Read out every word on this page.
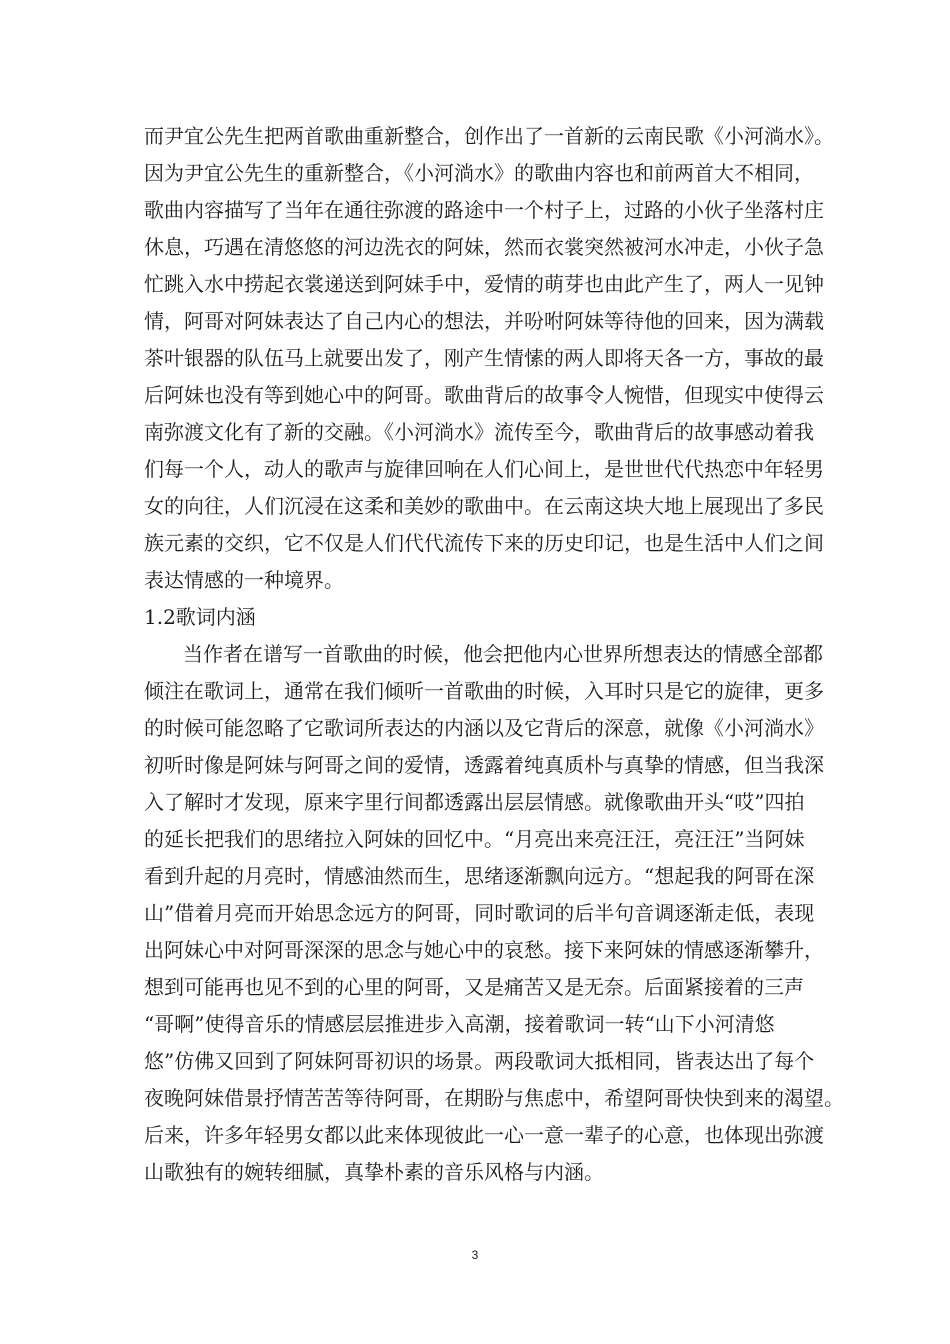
而尹宜公先生把两首歌曲重新整合，创作出了一首新的云南民歌《小河淌水》。
因为尹宜公先生的重新整合，《小河淌水》的歌曲内容也和前两首大不相同，
歌曲内容描写了当年在通往弥渡的路途中一个村子上，过路的小伙子坐落村庄
休息，巧遇在清悠悠的河边洗衣的阿妹，然而衣裳突然被河水冲走，小伙子急
忙跳入水中捞起衣裳递送到阿妹手中，爱情的萌芽也由此产生了，两人一见钟
情，阿哥对阿妹表达了自己内心的想法，并吩咐阿妹等待他的回来，因为满载
茶叶银器的队伍马上就要出发了，刚产生情愫的两人即将天各一方，事故的最
后阿妹也没有等到她心中的阿哥。歌曲背后的故事令人惋惜，但现实中使得云
南弥渡文化有了新的交融。《小河淌水》流传至今，歌曲背后的故事感动着我
们每一个人，动人的歌声与旋律回响在人们心间上，是世世代代热恋中年轻男
女的向往，人们沉浸在这柔和美妙的歌曲中。在云南这块大地上展现出了多民
族元素的交织，它不仅是人们代代流传下来的历史印记，也是生活中人们之间
表达情感的一种境界。
1.2歌词内涵
当作者在谱写一首歌曲的时候，他会把他内心世界所想表达的情感全部都
倾注在歌词上，通常在我们倾听一首歌曲的时候，入耳时只是它的旋律，更多
的时候可能忽略了它歌词所表达的内涵以及它背后的深意，就像《小河淌水》
初听时像是阿妹与阿哥之间的爱情，透露着纯真质朴与真挚的情感，但当我深
入了解时才发现，原来字里行间都透露出层层情感。就像歌曲开头“哎”四拍
的延长把我们的思绪拉入阿妹的回忆中。“月亮出来亮汪汪，亮汪汪”当阿妹
看到升起的月亮时，情感油然而生，思绪逐渐飘向远方。“想起我的阿哥在深
山”借着月亮而开始思念远方的阿哥，同时歌词的后半句音调逐渐走低，表现
出阿妹心中对阿哥深深的思念与她心中的哀愁。接下来阿妹的情感逐渐攀升，
想到可能再也见不到的心里的阿哥，又是痛苦又是无奈。后面紧接着的三声
“哥啊”使得音乐的情感层层推进步入高潮，接着歌词一转“山下小河清悠
悠”仿佛又回到了阿妹阿哥初识的场景。两段歌词大抵相同，皆表达出了每个
夜晚阿妹借景抒情苦苦等待阿哥，在期盼与焦虑中，希望阿哥快快到来的渴望。
后来，许多年轻男女都以此来体现彼此一心一意一辈子的心意，也体现出弥渡
山歌独有的婉转细腻，真挚朴素的音乐风格与内涵。
3
